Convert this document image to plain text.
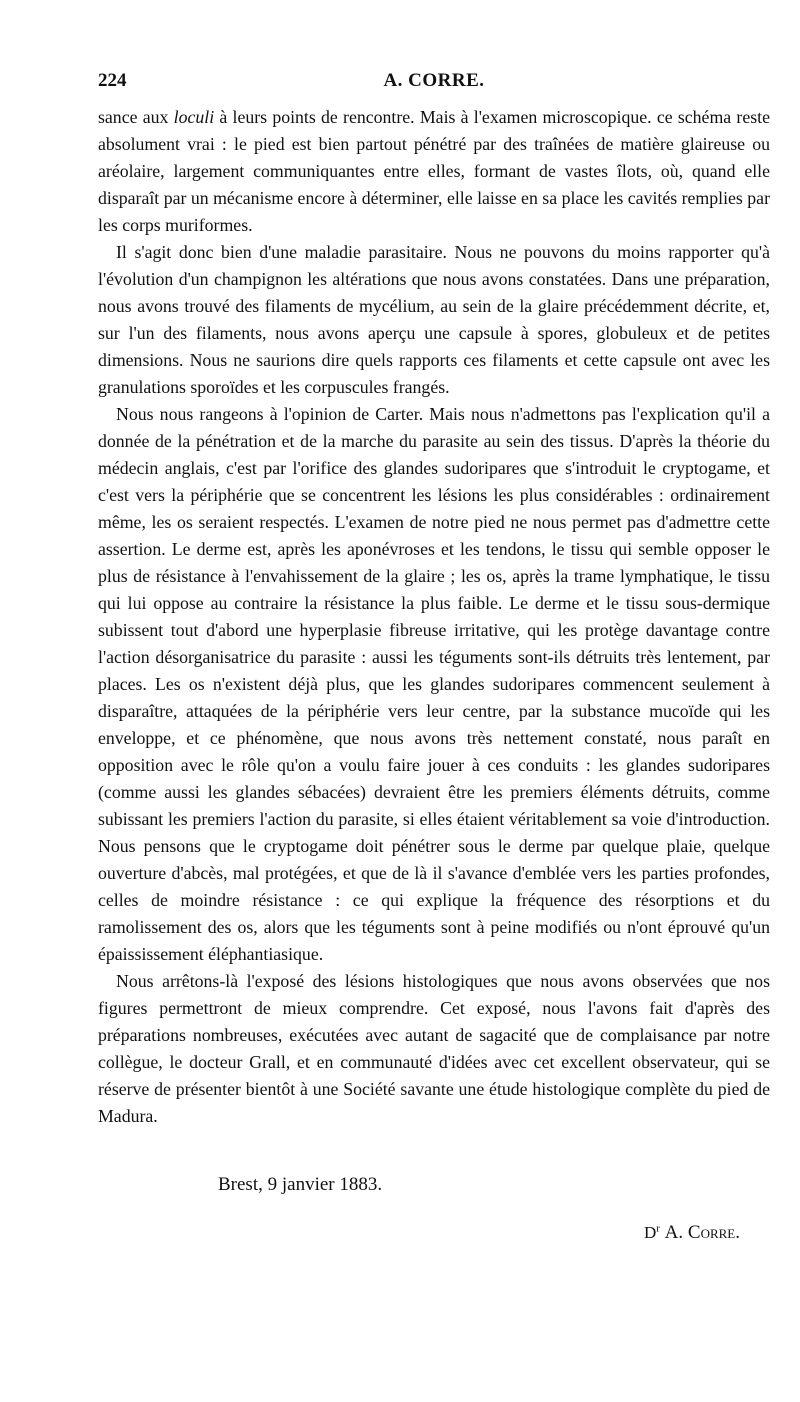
224	A. CORRE.

sance aux loculi à leurs points de rencontre. Mais à l'examen microscopique. ce schéma reste absolument vrai : le pied est bien partout pénétré par des traînées de matière glaireuse ou aréolaire, largement communiquantes entre elles, formant de vastes îlots, où, quand elle disparaît par un mécanisme encore à déterminer, elle laisse en sa place les cavités remplies par les corps muriformes.

Il s'agit donc bien d'une maladie parasitaire. Nous ne pouvons du moins rapporter qu'à l'évolution d'un champignon les altérations que nous avons constatées. Dans une préparation, nous avons trouvé des filaments de mycélium, au sein de la glaire précédemment décrite, et, sur l'un des filaments, nous avons aperçu une capsule à spores, globuleux et de petites dimensions. Nous ne saurions dire quels rapports ces filaments et cette capsule ont avec les granulations sporoïdes et les corpuscules frangés.

Nous nous rangeons à l'opinion de Carter. Mais nous n'admettons pas l'explication qu'il a donnée de la pénétration et de la marche du parasite au sein des tissus. D'après la théorie du médecin anglais, c'est par l'orifice des glandes sudoripares que s'introduit le cryptogame, et c'est vers la périphérie que se concentrent les lésions les plus considérables : ordinairement même, les os seraient respectés. L'examen de notre pied ne nous permet pas d'admettre cette assertion. Le derme est, après les aponévroses et les tendons, le tissu qui semble opposer le plus de résistance à l'envahissement de la glaire ; les os, après la trame lymphatique, le tissu qui lui oppose au contraire la résistance la plus faible. Le derme et le tissu sous-dermique subissent tout d'abord une hyperplasie fibreuse irritative, qui les protège davantage contre l'action désorganisatrice du parasite : aussi les téguments sont-ils détruits très lentement, par places. Les os n'existent déjà plus, que les glandes sudoripares commencent seulement à disparaître, attaquées de la périphérie vers leur centre, par la substance mucoïde qui les enveloppe, et ce phénomène, que nous avons très nettement constaté, nous paraît en opposition avec le rôle qu'on a voulu faire jouer à ces conduits : les glandes sudoripares (comme aussi les glandes sébacées) devraient être les premiers éléments détruits, comme subissant les premiers l'action du parasite, si elles étaient véritablement sa voie d'introduction. Nous pensons que le cryptogame doit pénétrer sous le derme par quelque plaie, quelque ouverture d'abcès, mal protégées, et que de là il s'avance d'emblée vers les parties profondes, celles de moindre résistance : ce qui explique la fréquence des résorptions et du ramolissement des os, alors que les téguments sont à peine modifiés ou n'ont éprouvé qu'un épaississement éléphantiasique.

Nous arrêtons-là l'exposé des lésions histologiques que nous avons observées que nos figures permettront de mieux comprendre. Cet exposé, nous l'avons fait d'après des préparations nombreuses, exécutées avec autant de sagacité que de complaisance par notre collègue, le docteur Grall, et en communauté d'idées avec cet excellent observateur, qui se réserve de présenter bientôt à une Société savante une étude histologique complète du pied de Madura.

Brest, 9 janvier 1883.
$D^r$ A. Corre.
